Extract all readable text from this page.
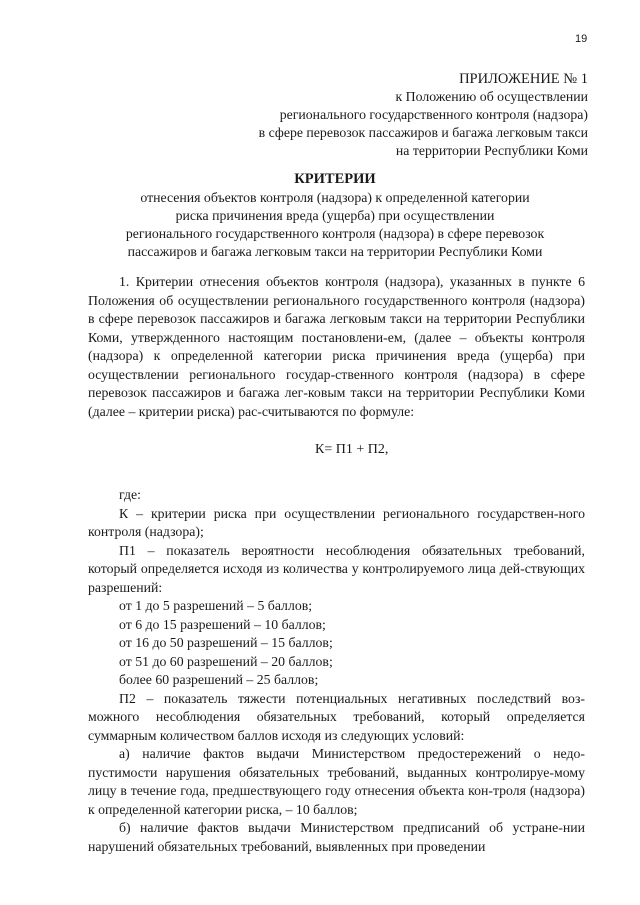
19
ПРИЛОЖЕНИЕ № 1
к Положению об осуществлении
регионального государственного контроля (надзора)
в сфере перевозок пассажиров и багажа легковым такси
на территории Республики Коми
КРИТЕРИИ
отнесения объектов контроля (надзора) к определенной категории
риска причинения вреда (ущерба) при осуществлении
регионального государственного контроля (надзора) в сфере перевозок
пассажиров и багажа легковым такси на территории Республики Коми

1. Критерии отнесения объектов контроля (надзора), указанных в пункте 6 Положения об осуществлении регионального государственного контроля (надзора) в сфере перевозок пассажиров и багажа легковым такси на территории Республики Коми, утвержденного настоящим постановлени-ем, (далее – объекты контроля (надзора) к определенной категории риска причинения вреда (ущерба) при осуществлении регионального государ-ственного контроля (надзора) в сфере перевозок пассажиров и багажа лег-ковым такси на территории Республики Коми (далее – критерии риска) рас-считываются по формуле:

К= П1 + П2,

где:

К – критерии риска при осуществлении регионального государствен-ного контроля (надзора);

П1 – показатель вероятности несоблюдения обязательных требований, который определяется исходя из количества у контролируемого лица дей-ствующих разрешений:

от 1 до 5 разрешений – 5 баллов;

от 6 до 15 разрешений – 10 баллов;

от 16 до 50 разрешений – 15 баллов;

от 51 до 60 разрешений – 20 баллов;

более 60 разрешений – 25 баллов;

П2 – показатель тяжести потенциальных негативных последствий воз-можного несоблюдения обязательных требований, который определяется суммарным количеством баллов исходя из следующих условий:

а) наличие фактов выдачи Министерством предостережений о недо-пустимости нарушения обязательных требований, выданных контролируе-мому лицу в течение года, предшествующего году отнесения объекта кон-троля (надзора) к определенной категории риска, – 10 баллов;

б) наличие фактов выдачи Министерством предписаний об устране-нии нарушений обязательных требований, выявленных при проведении
